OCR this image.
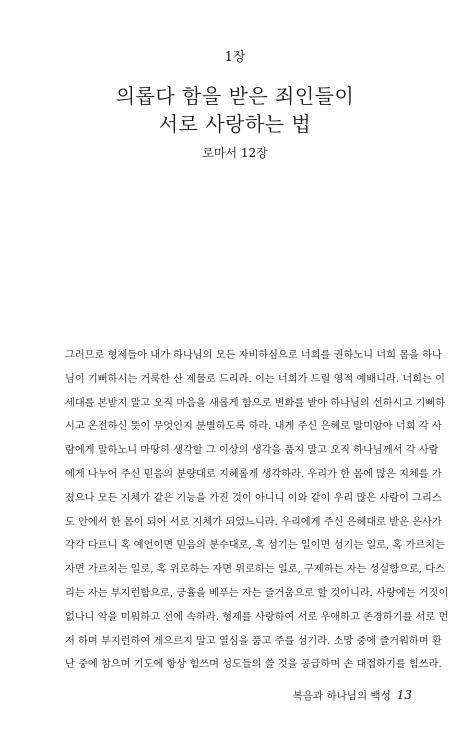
1장
의롭다 함을 받은 죄인들이
서로 사랑하는 법
로마서 12장
그러므로 형제들아 내가 하나님의 모든 자비하심으로 너희를 권하노니 너희 몸을 하나
님이 기뻐하시는 거룩한 산 제물로 드리라. 이는 너희가 드릴 영적 예배니라. 너희는 이
세대를 본받지 말고 오직 마음을 새롭게 함으로 변화를 받아 하나님의 선하시고 기뻐하
시고 온전하신 뜻이 무엇인지 분별하도록 하라. 내게 주신 은혜로 말미암아 너희 각 사
람에게 말하노니 마땅히 생각할 그 이상의 생각을 품지 말고 오직 하나님께서 각 사람
에게 나누어 주신 믿음의 분량대로 지혜롭게 생각하라. 우리가 한 몸에 많은 지체를 가
졌으나 모든 지체가 같은 기능을 가진 것이 아니니 이와 같이 우리 많은 사람이 그리스
도 안에서 한 몸이 되어 서로 지체가 되었느니라. 우리에게 주신 은혜대로 받은 은사가
각각 다르니 혹 예언이면 믿음의 분수대로, 혹 섬기는 일이면 섬기는 일로, 혹 가르치는
자면 가르치는 일로, 혹 위로하는 자면 위로하는 일로, 구제하는 자는 성실함으로, 다스
리는 자는 부지런함으로, 긍휼을 베푸는 자는 즐거움으로 할 것이니라. 사랑에는 거짓이
없나니 악을 미워하고 선에 속하라. 형제를 사랑하여 서로 우애하고 존경하기를 서로 먼
저 하며 부지런하여 게으르지 말고 열심을 품고 주를 섬기라. 소망 중에 즐거워하며 환
난 중에 참으며 기도에 항상 힘쓰며 성도들의 쓸 것을 공급하며 손 대접하기를 힘쓰라.
복음과 하나님의 백성 13
